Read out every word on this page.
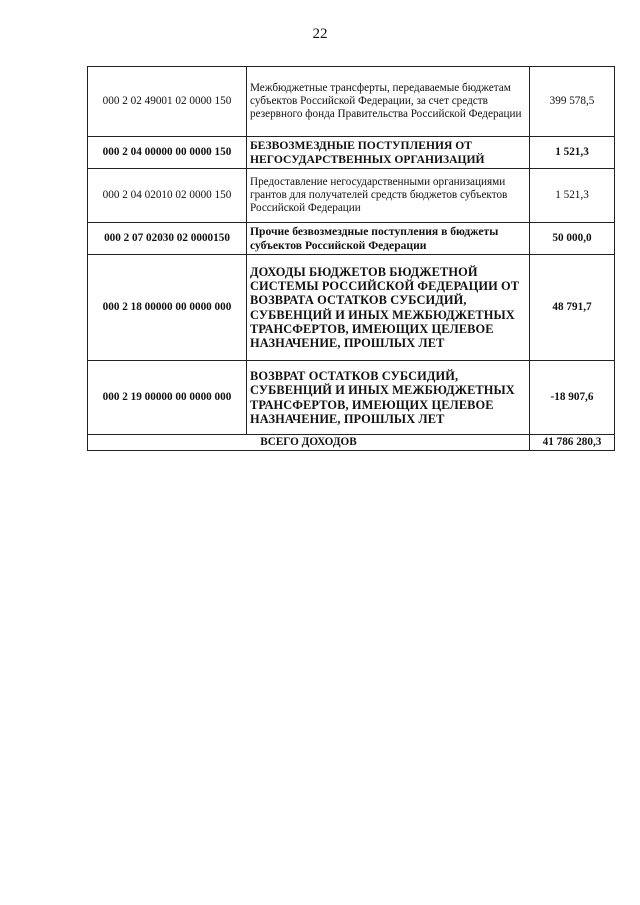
22
000 2 02 49001 02 0000 150	Межбюджетные трансферты, передаваемые бюджетам субъектов Российской Федерации, за счет средств резервного фонда Правительства Российской Федерации	399 578,5
000 2 04 00000 00 0000 150	БЕЗВОЗМЕЗДНЫЕ ПОСТУПЛЕНИЯ ОТ НЕГОСУДАРСТВЕННЫХ ОРГАНИЗАЦИЙ	1 521,3
000 2 04 02010 02 0000 150	Предоставление негосударственными организациями грантов для получателей средств бюджетов субъектов Российской Федерации	1 521,3
000 2 07 02030 02 0000150	Прочие безвозмездные поступления в бюджеты субъектов Российской Федерации	50 000,0
000 2 18 00000 00 0000 000	ДОХОДЫ БЮДЖЕТОВ БЮДЖЕТНОЙ СИСТЕМЫ РОССИЙСКОЙ ФЕДЕРАЦИИ ОТ ВОЗВРАТА ОСТАТКОВ СУБСИДИЙ, СУБВЕНЦИЙ И ИНЫХ МЕЖБЮДЖЕТНЫХ ТРАНСФЕРТОВ, ИМЕЮЩИХ ЦЕЛЕВОЕ НАЗНАЧЕНИЕ, ПРОШЛЫХ ЛЕТ	48 791,7
000 2 19 00000 00 0000 000	ВОЗВРАТ ОСТАТКОВ СУБСИДИЙ, СУБВЕНЦИЙ И ИНЫХ МЕЖБЮДЖЕТНЫХ ТРАНСФЕРТОВ, ИМЕЮЩИХ ЦЕЛЕВОЕ НАЗНАЧЕНИЕ, ПРОШЛЫХ ЛЕТ	-18 907,6
ВСЕГО ДОХОДОВ		41 786 280,3
